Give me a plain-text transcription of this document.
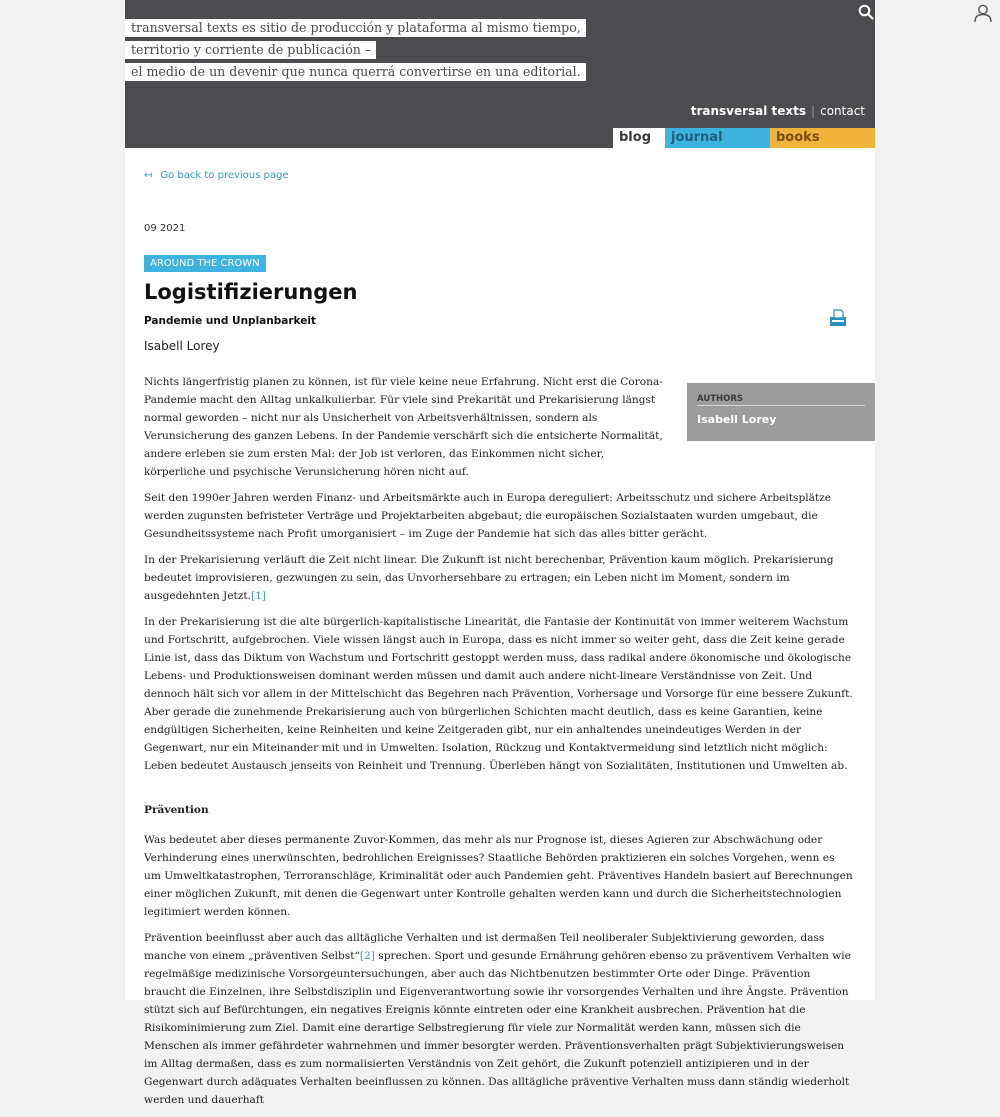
transversal texts es sitio de producción y plataforma al mismo tiempo,
territorio y corriente de publicación –
el medio de un devenir que nunca querrá convertirse en una editorial.
transversal texts | contact
blog	journal	books
↤ Go back to previous page
09 2021
AROUND THE CROWN
Logistifizierungen
Pandemie und Unplanbarkeit
Isabell Lorey
AUTHORS
Isabell Lorey

Nichts längerfristig planen zu können, ist für viele keine neue Erfahrung. Nicht erst die Corona-Pandemie macht den Alltag unkalkulierbar. Für viele sind Prekarität und Prekarisierung längst normal geworden – nicht nur als Unsicherheit von Arbeitsverhältnissen, sondern als Verunsicherung des ganzen Lebens. In der Pandemie verschärft sich die entsicherte Normalität, andere erleben sie zum ersten Mal: der Job ist verloren, das Einkommen nicht sicher, körperliche und psychische Verunsicherung hören nicht auf.

Seit den 1990er Jahren werden Finanz- und Arbeitsmärkte auch in Europa dereguliert: Arbeitsschutz und sichere Arbeitsplätze werden zugunsten befristeter Verträge und Projektarbeiten abgebaut; die europäischen Sozialstaaten wurden umgebaut, die Gesundheitssysteme nach Profit umorganisiert – im Zuge der Pandemie hat sich das alles bitter gerächt.

In der Prekarisierung verläuft die Zeit nicht linear. Die Zukunft ist nicht berechenbar, Prävention kaum möglich. Prekarisierung bedeutet improvisieren, gezwungen zu sein, das Unvorhersehbare zu ertragen; ein Leben nicht im Moment, sondern im ausgedehnten Jetzt.[1]

In der Prekarisierung ist die alte bürgerlich-kapitalistische Linearität, die Fantasie der Kontinuität von immer weiterem Wachstum und Fortschritt, aufgebrochen. Viele wissen längst auch in Europa, dass es nicht immer so weiter geht, dass die Zeit keine gerade Linie ist, dass das Diktum von Wachstum und Fortschritt gestoppt werden muss, dass radikal andere ökonomische und ökologische Lebens- und Produktionsweisen dominant werden müssen und damit auch andere nicht-lineare Verständnisse von Zeit. Und dennoch hält sich vor allem in der Mittelschicht das Begehren nach Prävention, Vorhersage und Vorsorge für eine bessere Zukunft. Aber gerade die zunehmende Prekarisierung auch von bürgerlichen Schichten macht deutlich, dass es keine Garantien, keine endgültigen Sicherheiten, keine Reinheiten und keine Zeitgeraden gibt, nur ein anhaltendes uneindeutiges Werden in der Gegenwart, nur ein Miteinander mit und in Umwelten. Isolation, Rückzug und Kontaktvermeidung sind letztlich nicht möglich: Leben bedeutet Austausch jenseits von Reinheit und Trennung. Überleben hängt von Sozialitäten, Institutionen und Umwelten ab.

Prävention

Was bedeutet aber dieses permanente Zuvor-Kommen, das mehr als nur Prognose ist, dieses Agieren zur Abschwächung oder Verhinderung eines unerwünschten, bedrohlichen Ereignisses? Staatliche Behörden praktizieren ein solches Vorgehen, wenn es um Umweltkatastrophen, Terroranschläge, Kriminalität oder auch Pandemien geht. Präventives Handeln basiert auf Berechnungen einer möglichen Zukunft, mit denen die Gegenwart unter Kontrolle gehalten werden kann und durch die Sicherheitstechnologien legitimiert werden können.

Prävention beeinflusst aber auch das alltägliche Verhalten und ist dermaßen Teil neoliberaler Subjektivierung geworden, dass manche von einem „präventiven Selbst“[2] sprechen. Sport und gesunde Ernährung gehören ebenso zu präventivem Verhalten wie regelmäßige medizinische Vorsorgeuntersuchungen, aber auch das Nichtbenutzen bestimmter Orte oder Dinge. Prävention braucht die Einzelnen, ihre Selbstdisziplin und Eigenverantwortung sowie ihr vorsorgendes Verhalten und ihre Ängste. Prävention stützt sich auf Befürchtungen, ein negatives Ereignis könnte eintreten oder eine Krankheit ausbrechen. Prävention hat die Risikominimierung zum Ziel. Damit eine derartige Selbstregierung für viele zur Normalität werden kann, müssen sich die Menschen als immer gefährdeter wahrnehmen und immer besorgter werden. Präventionsverhalten prägt Subjektivierungsweisen im Alltag dermaßen, dass es zum normalisierten Verständnis von Zeit gehört, die Zukunft potenziell antizipieren und in der Gegenwart durch adäquates Verhalten beeinflussen zu können. Das alltägliche präventive Verhalten muss dann ständig wiederholt werden und dauerhaft
